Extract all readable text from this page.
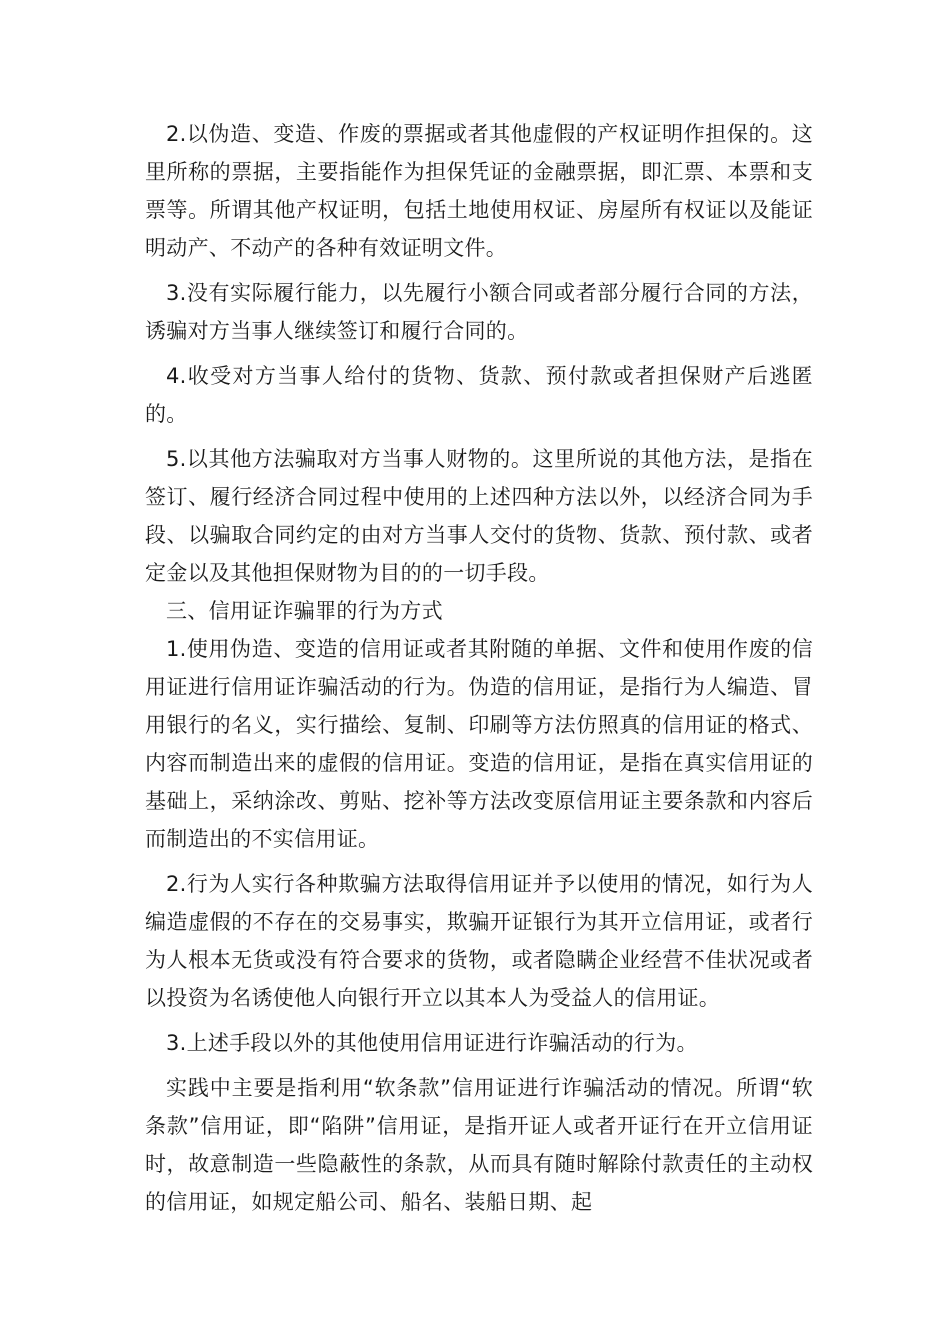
2.以伪造、变造、作废的票据或者其他虚假的产权证明作担保的。这里所称的票据，主要指能作为担保凭证的金融票据，即汇票、本票和支票等。所谓其他产权证明，包括土地使用权证、房屋所有权证以及能证明动产、不动产的各种有效证明文件。

3.没有实际履行能力，以先履行小额合同或者部分履行合同的方法，诱骗对方当事人继续签订和履行合同的。

4.收受对方当事人给付的货物、货款、预付款或者担保财产后逃匿的。

5.以其他方法骗取对方当事人财物的。这里所说的其他方法，是指在签订、履行经济合同过程中使用的上述四种方法以外，以经济合同为手段、以骗取合同约定的由对方当事人交付的货物、货款、预付款、或者定金以及其他担保财物为目的的一切手段。

三、信用证诈骗罪的行为方式

1.使用伪造、变造的信用证或者其附随的单据、文件和使用作废的信用证进行信用证诈骗活动的行为。伪造的信用证，是指行为人编造、冒用银行的名义，实行描绘、复制、印刷等方法仿照真的信用证的格式、内容而制造出来的虚假的信用证。变造的信用证，是指在真实信用证的基础上，采纳涂改、剪贴、挖补等方法改变原信用证主要条款和内容后而制造出的不实信用证。

2.行为人实行各种欺骗方法取得信用证并予以使用的情况，如行为人编造虚假的不存在的交易事实，欺骗开证银行为其开立信用证，或者行为人根本无货或没有符合要求的货物，或者隐瞒企业经营不佳状况或者以投资为名诱使他人向银行开立以其本人为受益人的信用证。

3.上述手段以外的其他使用信用证进行诈骗活动的行为。

实践中主要是指利用“软条款”信用证进行诈骗活动的情况。所谓“软条款”信用证，即“陷阱”信用证，是指开证人或者开证行在开立信用证时，故意制造一些隐蔽性的条款，从而具有随时解除付款责任的主动权的信用证，如规定船公司、船名、装船日期、起
